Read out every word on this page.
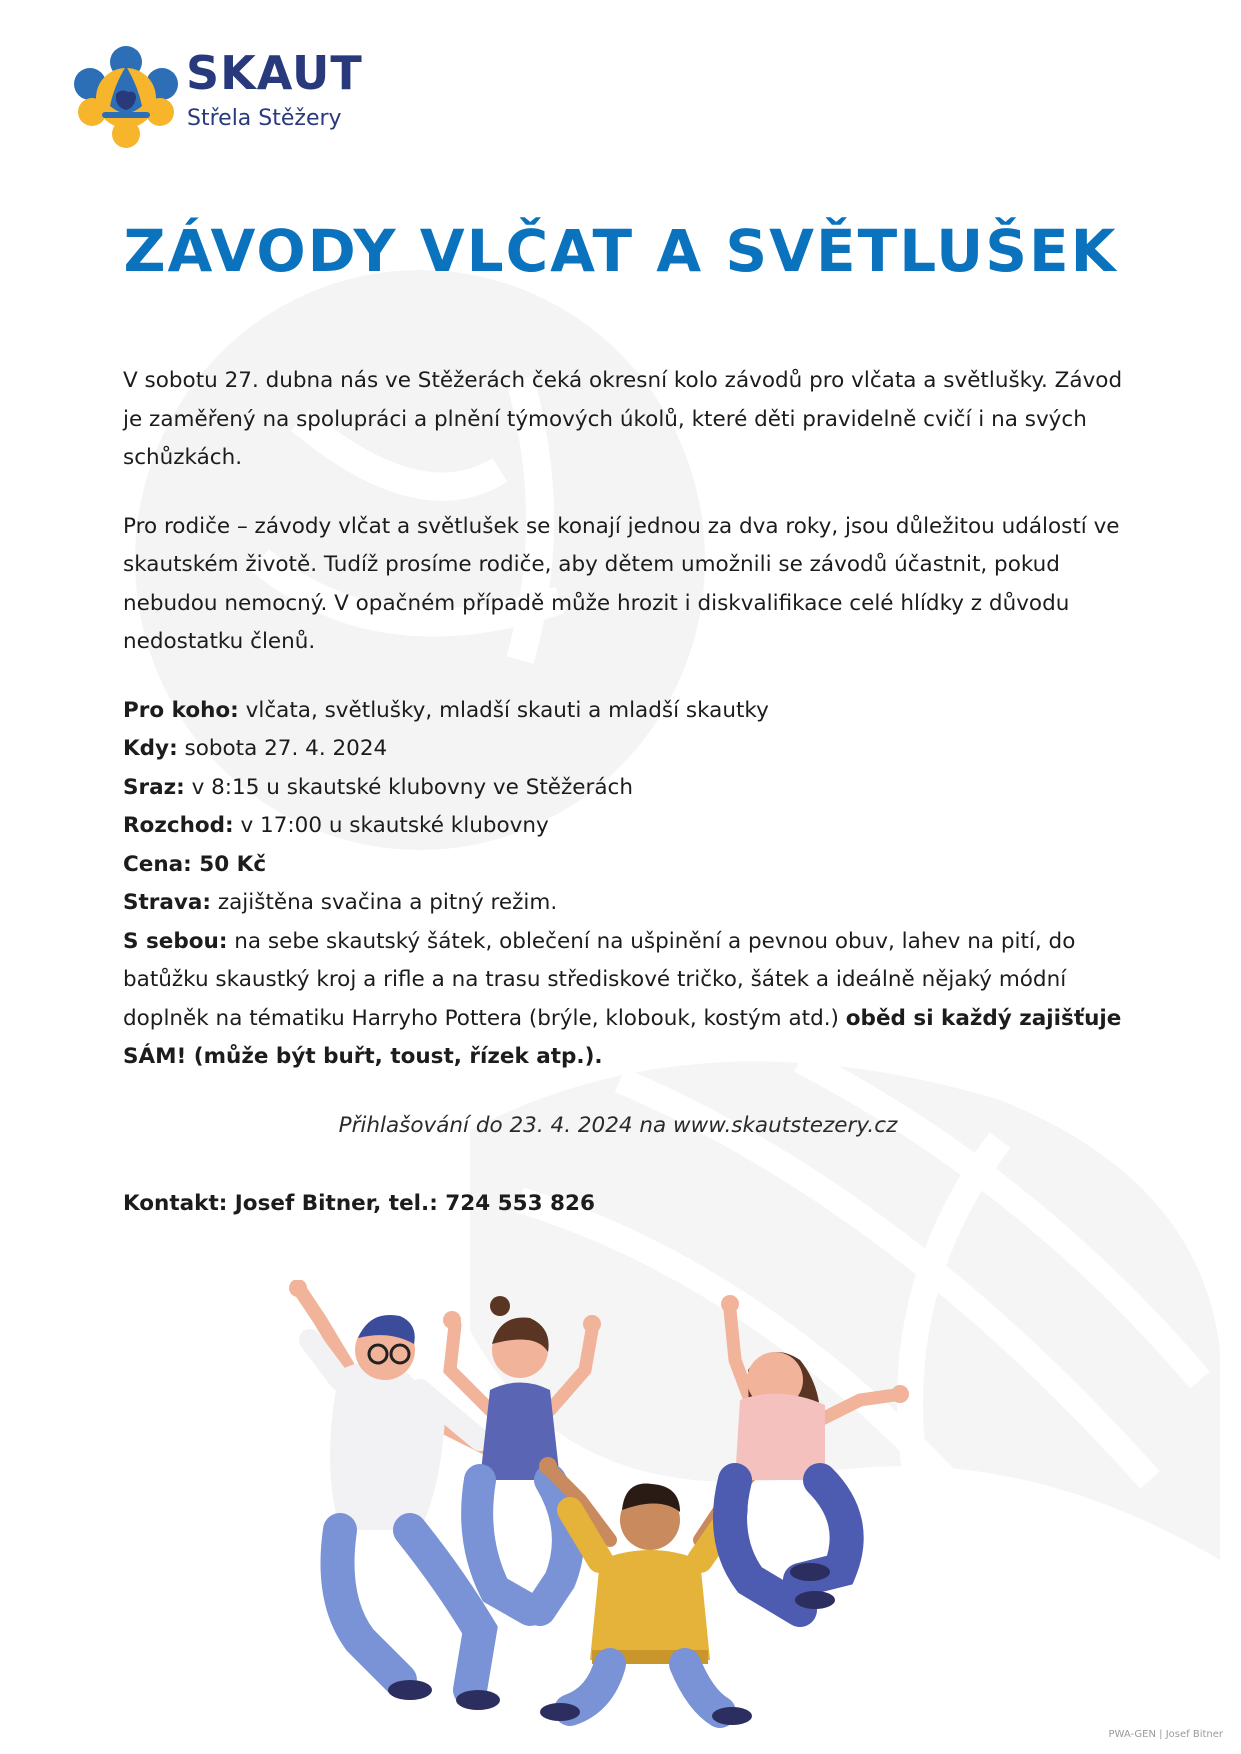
SKAUT
Střela Stěžery
ZÁVODY VLČAT A SVĚTLUŠEK

V sobotu 27. dubna nás ve Stěžerách čeká okresní kolo závodů pro vlčata a světlušky. Závod je zaměřený na spolupráci a plnění týmových úkolů, které děti pravidelně cvičí i na svých schůzkách.

Pro rodiče – závody vlčat a světlušek se konají jednou za dva roky, jsou důležitou událostí ve skautském životě. Tudíž prosíme rodiče, aby dětem umožnili se závodů účastnit, pokud nebudou nemocný. V opačném případě může hrozit i diskvalifikace celé hlídky z důvodu nedostatku členů.

Pro koho: vlčata, světlušky, mladší skauti a mladší skautky

Kdy: sobota 27. 4. 2024

Sraz: v 8:15 u skautské klubovny ve Stěžerách

Rozchod: v 17:00 u skautské klubovny

Cena: 50 Kč

Strava: zajištěna svačina a pitný režim.

S sebou: na sebe skautský šátek, oblečení na ušpinění a pevnou obuv, lahev na pití, do batůžku skaustký kroj a rifle a na trasu střediskové tričko, šátek a ideálně nějaký módní doplněk na tématiku Harryho Pottera (brýle, klobouk, kostým atd.) oběd si každý zajišťuje SÁM! (může být buřt, toust, řízek atp.).

Přihlašování do 23. 4. 2024 na www.skautstezery.cz

Kontakt: Josef Bitner, tel.: 724 553 826

PWA-GEN | Josef Bitner
